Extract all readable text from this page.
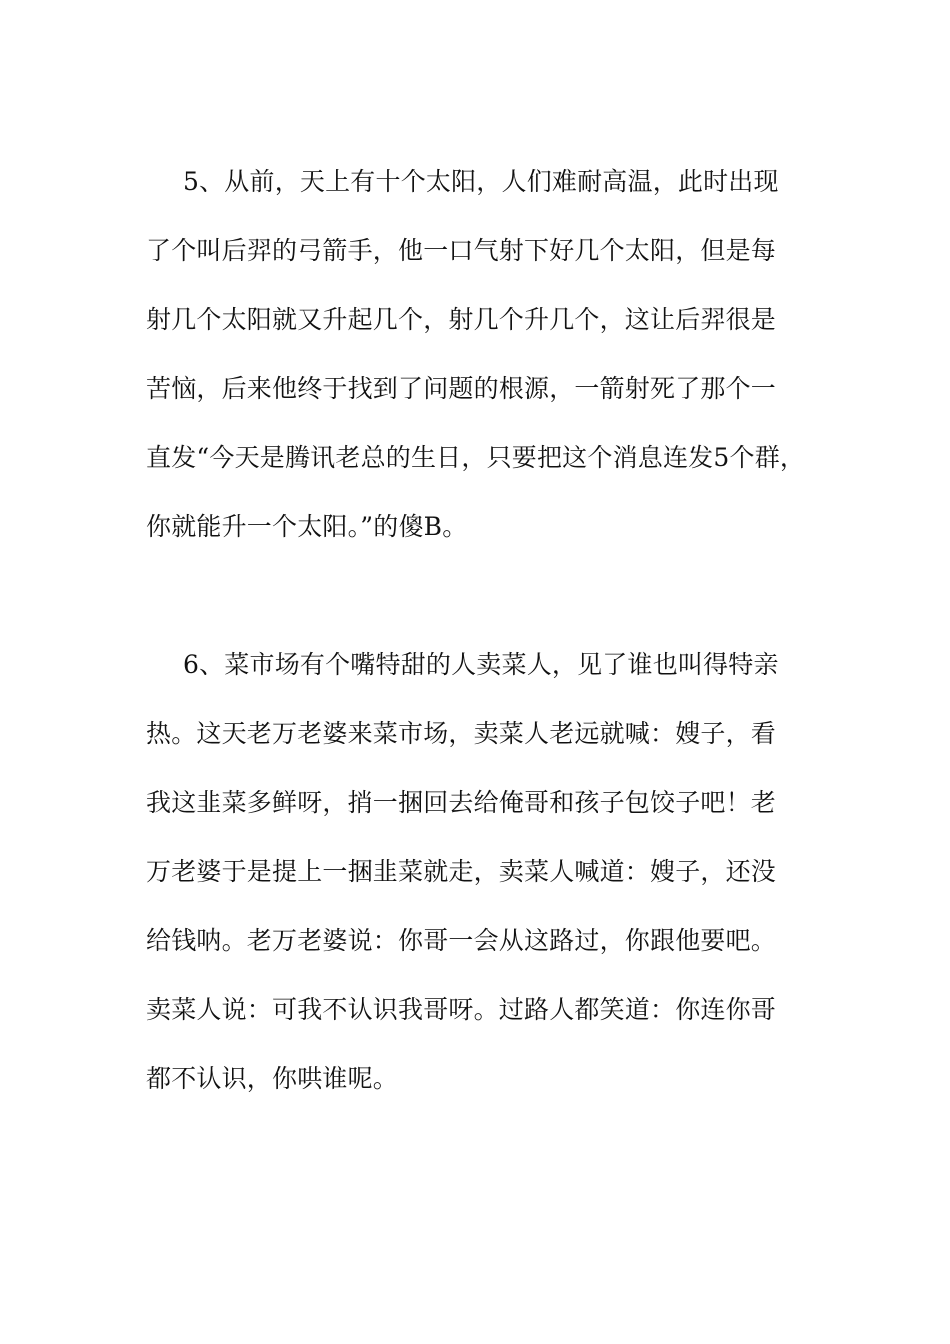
5、从前，天上有十个太阳，人们难耐高温，此时出现
了个叫后羿的弓箭手，他一口气射下好几个太阳，但是每
射几个太阳就又升起几个，射几个升几个，这让后羿很是
苦恼，后来他终于找到了问题的根源，一箭射死了那个一
直发“今天是腾讯老总的生日，只要把这个消息连发5个群，
你就能升一个太阳。”的傻B。
6、菜市场有个嘴特甜的人卖菜人，见了谁也叫得特亲
热。这天老万老婆来菜市场，卖菜人老远就喊：嫂子，看
我这韭菜多鲜呀，捎一捆回去给俺哥和孩子包饺子吧！老
万老婆于是提上一捆韭菜就走，卖菜人喊道：嫂子，还没
给钱呐。老万老婆说：你哥一会从这路过，你跟他要吧。
卖菜人说：可我不认识我哥呀。过路人都笑道：你连你哥
都不认识，你哄谁呢。
